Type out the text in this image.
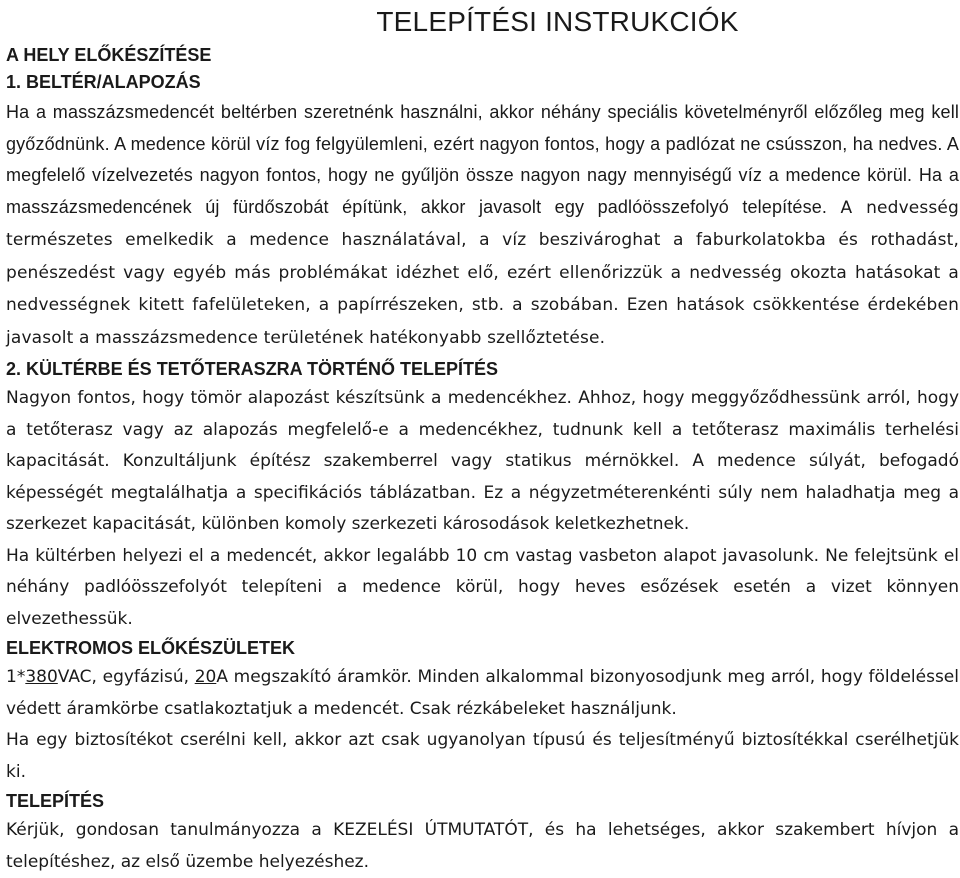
TELEPÍTÉSI INSTRUKCIÓK
A HELY ELŐKÉSZÍTÉSE
1. BELTÉR/ALAPOZÁS

Ha a masszázsmedencét beltérben szeretnénk használni, akkor néhány speciális követelményről előzőleg meg kell győződnünk. A medence körül víz fog felgyülemleni, ezért nagyon fontos, hogy a padlózat ne csússzon, ha nedves. A megfelelő vízelvezetés nagyon fontos, hogy ne gyűljön össze nagyon nagy mennyiségű víz a medence körül. Ha a masszázsmedencének új fürdőszobát építünk, akkor javasolt egy padlóösszefolyó telepítése. A nedvesség természetes emelkedik a medence használatával, a víz beszivároghat a faburkolatokba és rothadást, penészedést vagy egyéb más problémákat idézhet elő, ezért ellenőrizzük a nedvesség okozta hatásokat a nedvességnek kitett fafelületeken, a papírrészeken, stb. a szobában. Ezen hatások csökkentése érdekében javasolt a masszázsmedence területének hatékonyabb szellőztetése.

2. KÜLTÉRBE ÉS TETŐTERASZRA TÖRTÉNŐ TELEPÍTÉS

Nagyon fontos, hogy tömör alapozást készítsünk a medencékhez. Ahhoz, hogy meggyőződhessünk arról, hogy a tetőterasz vagy az alapozás megfelelő-e a medencékhez, tudnunk kell a tetőterasz maximális terhelési kapacitását. Konzultáljunk építész szakemberrel vagy statikus mérnökkel. A medence súlyát, befogadó képességét megtalálhatja a specifikációs táblázatban. Ez a négyzetméterenkénti súly nem haladhatja meg a szerkezet kapacitását, különben komoly szerkezeti károsodások keletkezhetnek.

Ha kültérben helyezi el a medencét, akkor legalább 10 cm vastag vasbeton alapot javasolunk. Ne felejtsünk el néhány padlóösszefolyót telepíteni a medence körül, hogy heves esőzések esetén a vizet könnyen elvezethessük.

ELEKTROMOS ELŐKÉSZÜLETEK

1*380VAC, egyfázisú, 20A megszakító áramkör. Minden alkalommal bizonyosodjunk meg arról, hogy földeléssel védett áramkörbe csatlakoztatjuk a medencét. Csak rézkábeleket használjunk.

Ha egy biztosítékot cserélni kell, akkor azt csak ugyanolyan típusú és teljesítményű biztosítékkal cserélhetjük ki.

TELEPÍTÉS

Kérjük, gondosan tanulmányozza a KEZELÉSI ÚTMUTATÓT, és ha lehetséges, akkor szakembert hívjon a telepítéshez, az első üzembe helyezéshez.
